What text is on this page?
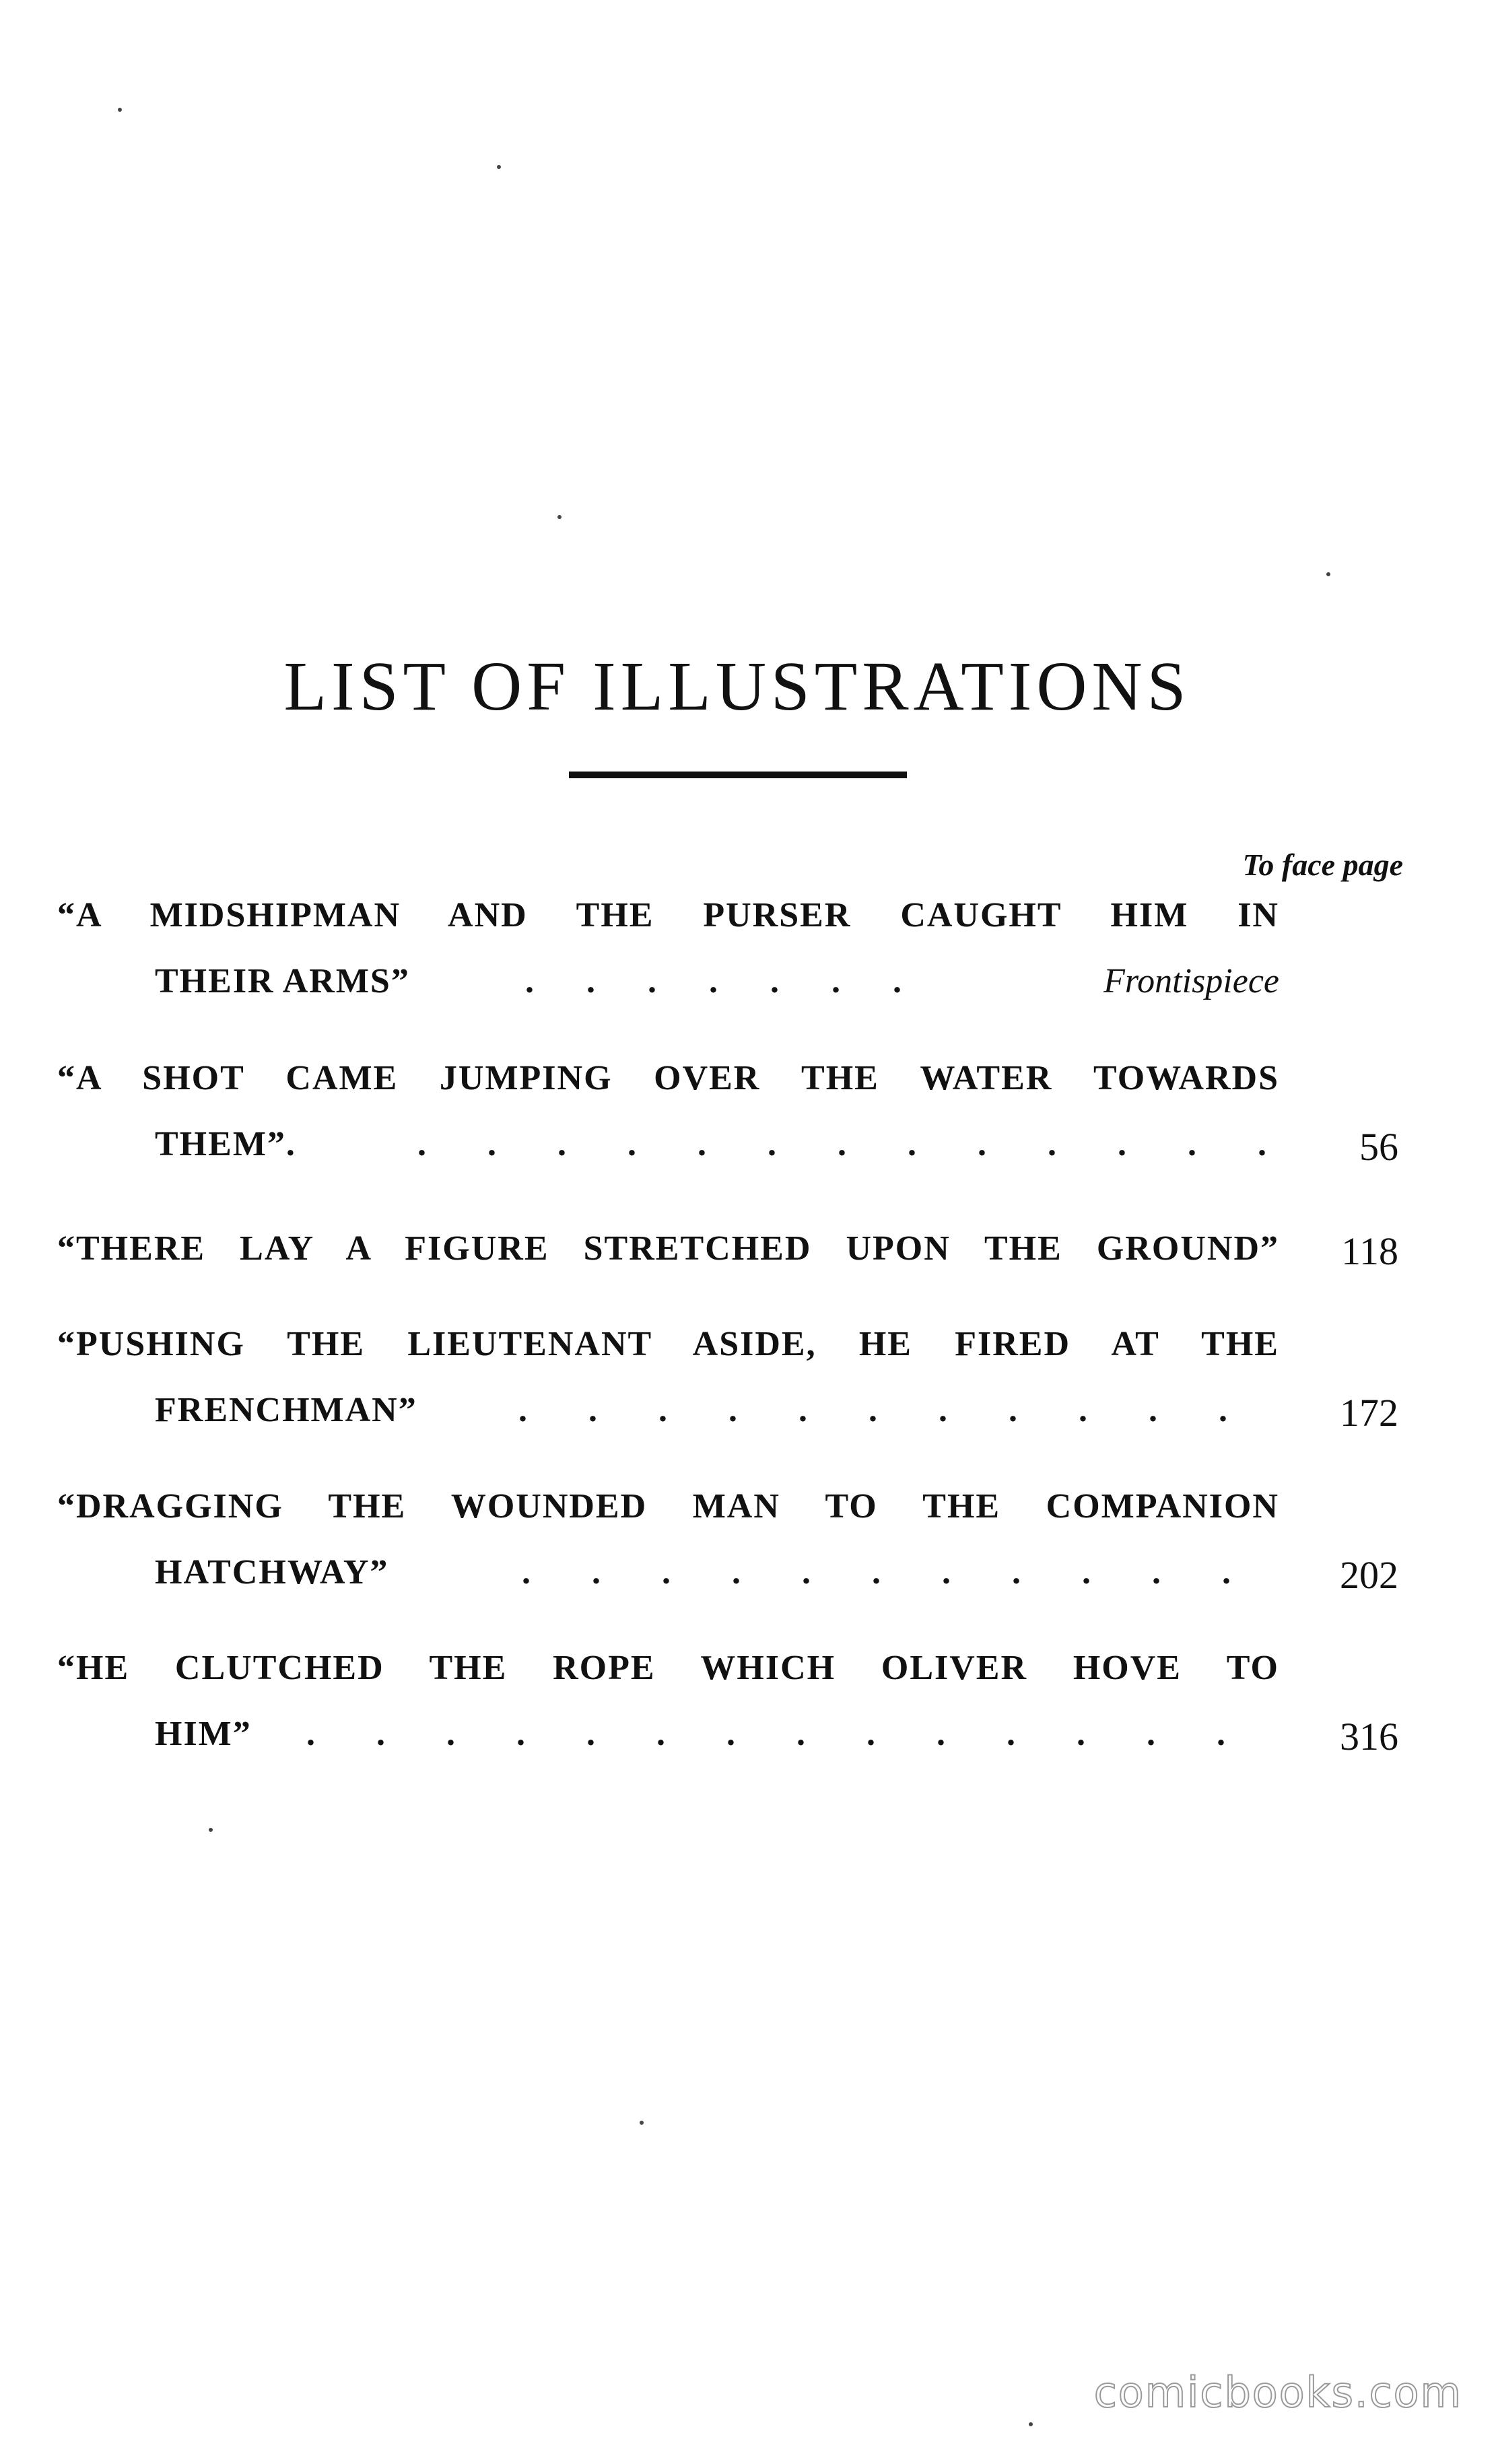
LIST OF ILLUSTRATIONS
To face page
“A MIDSHIPMAN AND THE PURSER CAUGHT HIM IN
THEIR ARMS”	.      .      .      .      .      .      .	Frontispiece
“A SHOT CAME JUMPING OVER THE WATER TOWARDS
THEM”.	.       .       .       .       .       .       .       .       .       .       .       .       .	56
“THERE LAY A FIGURE STRETCHED UPON THE GROUND” 118
“PUSHING THE LIEUTENANT ASIDE, HE FIRED AT THE
FRENCHMAN”	.       .       .       .       .       .       .       .       .       .       .	172
“DRAGGING THE WOUNDED MAN TO THE COMPANION
HATCHWAY”	.       .       .       .       .       .       .       .       .       .       .	202
“HE CLUTCHED THE ROPE WHICH OLIVER HOVE TO
HIM” .       .       .       .       .       .       .       .       .       .       .       .       .       .	316
comicbooks.com
